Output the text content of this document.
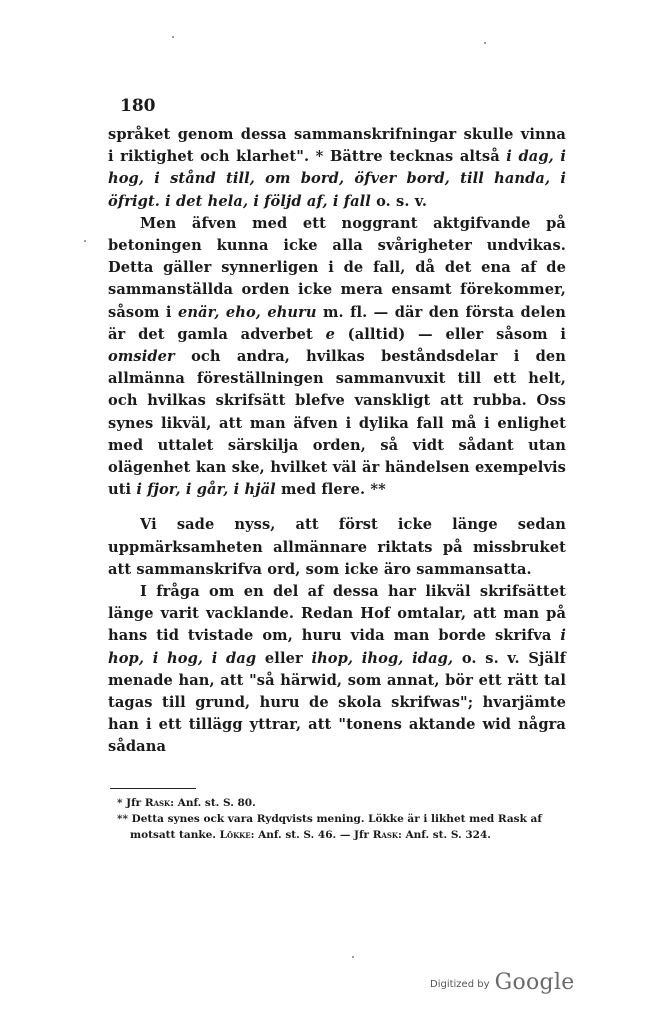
180

språket genom dessa sammanskrifningar skulle vinna i riktighet och klarhet". * Bättre tecknas altså i dag, i hog, i stånd till, om bord, öfver bord, till handa, i öfrigt. i det hela, i följd af, i fall o. s. v.

Men äfven med ett noggrant aktgifvande på betoningen kunna icke alla svårigheter undvikas. Detta gäller synnerligen i de fall, då det ena af de sammanställda orden icke mera ensamt förekommer, såsom i enär, eho, ehuru m. fl. — där den första delen är det gamla adverbet e (alltid) — eller såsom i omsider och andra, hvilkas beståndsdelar i den allmänna föreställningen sammanvuxit till ett helt, och hvilkas skrifsätt blefve vanskligt att rubba. Oss synes likväl, att man äfven i dylika fall må i enlighet med uttalet särskilja orden, så vidt sådant utan olägenhet kan ske, hvilket väl är händelsen exempelvis uti i fjor, i går, i hjäl med flere. **

Vi sade nyss, att först icke länge sedan uppmärksamheten allmännare riktats på missbruket att sammanskrifva ord, som icke äro sammansatta.

I fråga om en del af dessa har likväl skrifsättet länge varit vacklande. Redan Hof omtalar, att man på hans tid tvistade om, huru vida man borde skrifva i hop, i hog, i dag eller ihop, ihog, idag, o. s. v. Själf menade han, att "så härwid, som annat, bör ett rätt tal tagas till grund, huru de skola skrifwas"; hvarjämte han i ett tillägg yttrar, att "tonens aktande wid några sådana

* Jfr Rask: Anf. st. S. 80.

** Detta synes ock vara Rydqvists mening. Lökke är i likhet med Rask af motsatt tanke. Lökke: Anf. st. S. 46. — Jfr Rask: Anf. st. S. 324.

Digitized by Google
